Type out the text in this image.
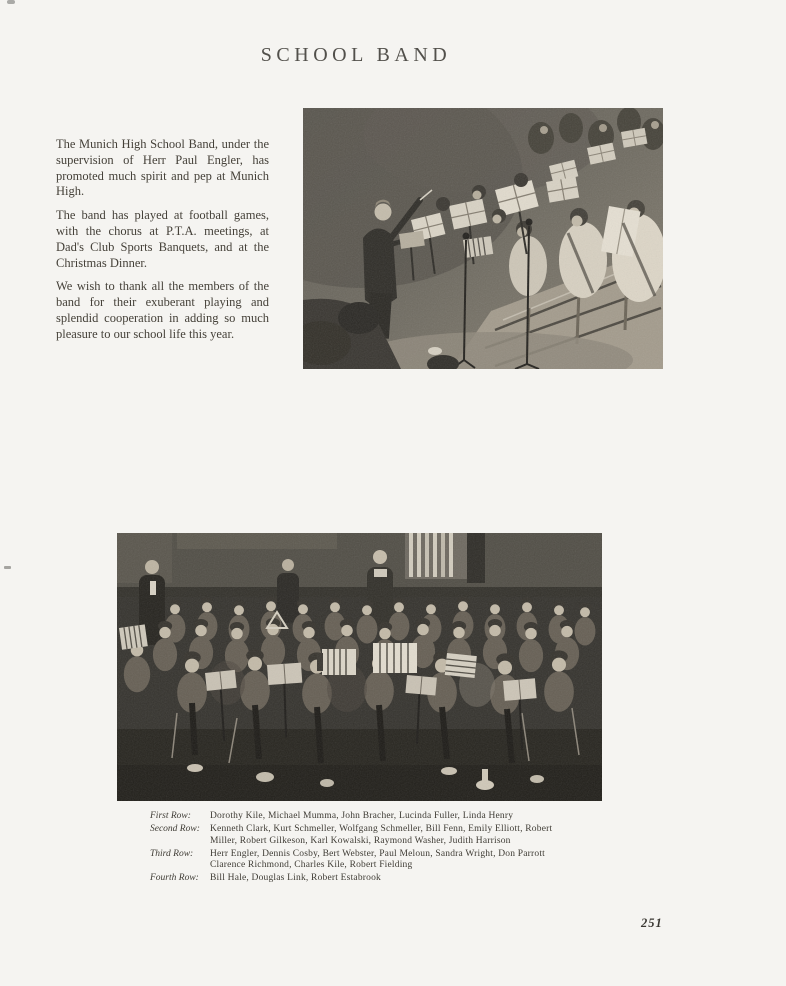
SCHOOL BAND

The Munich High School Band, under the supervision of Herr Paul Engler, has promoted much spirit and pep at Munich High.

The band has played at football games, with the chorus at P.T.A. meetings, at Dad's Club Sports Banquets, and at the Christmas Dinner.

We wish to thank all the members of the band for their exuberant playing and splendid cooperation in adding so much pleasure to our school life this year.

First Row:	Dorothy Kile, Michael Mumma, John Bracher, Lucinda Fuller, Linda Henry
Second Row:	Kenneth Clark, Kurt Schmeller, Wolfgang Schmeller, Bill Fenn, Emily Elliott, Robert
Miller, Robert Gilkeson, Karl Kowalski, Raymond Washer, Judith Harrison
Third Row:	Herr Engler, Dennis Cosby, Bert Webster, Paul Meloun, Sandra Wright, Don Parrott
Clarence Richmond, Charles Kile, Robert Fielding
Fourth Row:	Bill Hale, Douglas Link, Robert Estabrook
251
